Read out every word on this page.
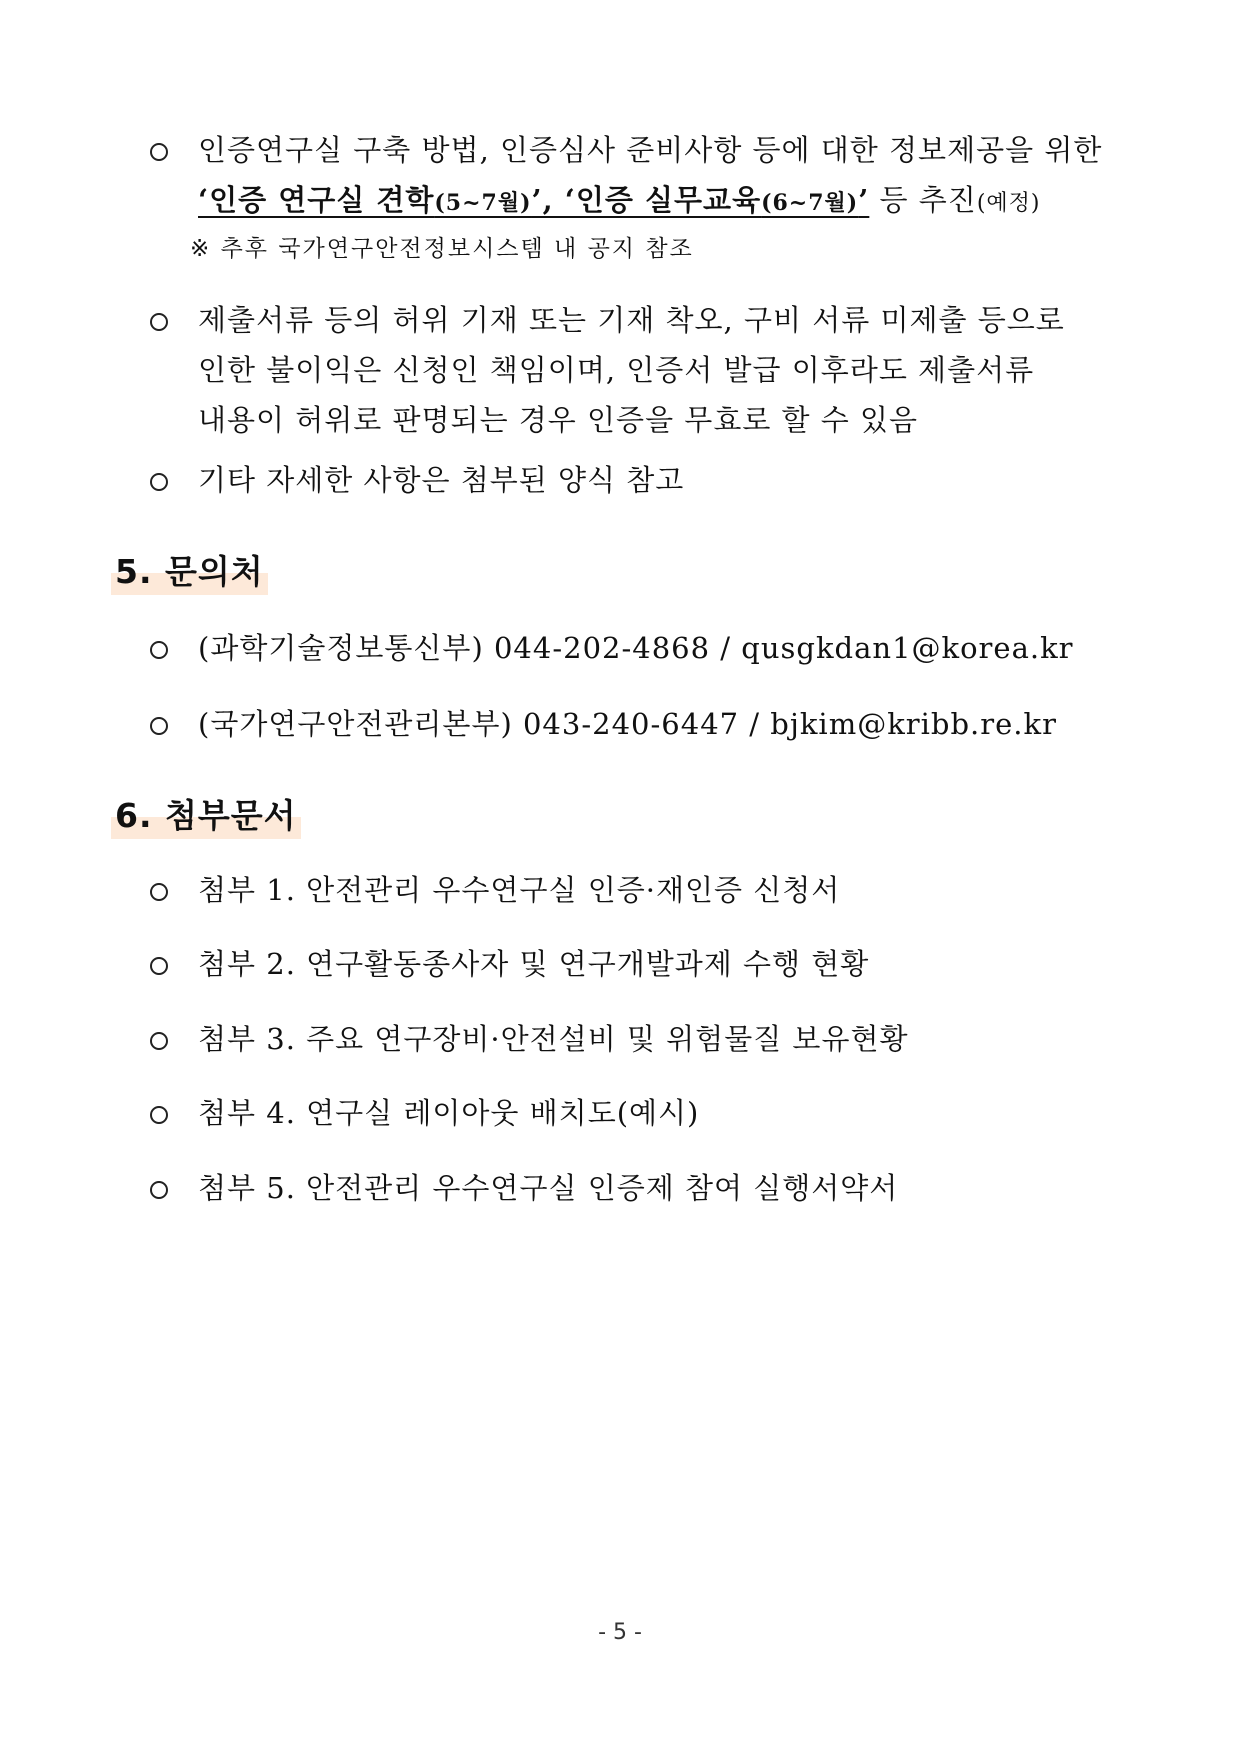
인증연구실 구축 방법, 인증심사 준비사항 등에 대한 정보제공을 위한
‘인증 연구실 견학(5~7월)’, ‘인증 실무교육(6~7월)’ 등 추진(예정)
※ 추후 국가연구안전정보시스템 내 공지 참조
제출서류 등의 허위 기재 또는 기재 착오, 구비 서류 미제출 등으로
인한 불이익은 신청인 책임이며, 인증서 발급 이후라도 제출서류
내용이 허위로 판명되는 경우 인증을 무효로 할 수 있음
기타 자세한 사항은 첨부된 양식 참고
5. 문의처
(과학기술정보통신부) 044-202-4868 / qusgkdan1@korea.kr
(국가연구안전관리본부) 043-240-6447 / bjkim@kribb.re.kr
6. 첨부문서
첨부 1. 안전관리 우수연구실 인증·재인증 신청서
첨부 2. 연구활동종사자 및 연구개발과제 수행 현황
첨부 3. 주요 연구장비·안전설비 및 위험물질 보유현황
첨부 4. 연구실 레이아웃 배치도(예시)
첨부 5. 안전관리 우수연구실 인증제 참여 실행서약서
- 5 -
